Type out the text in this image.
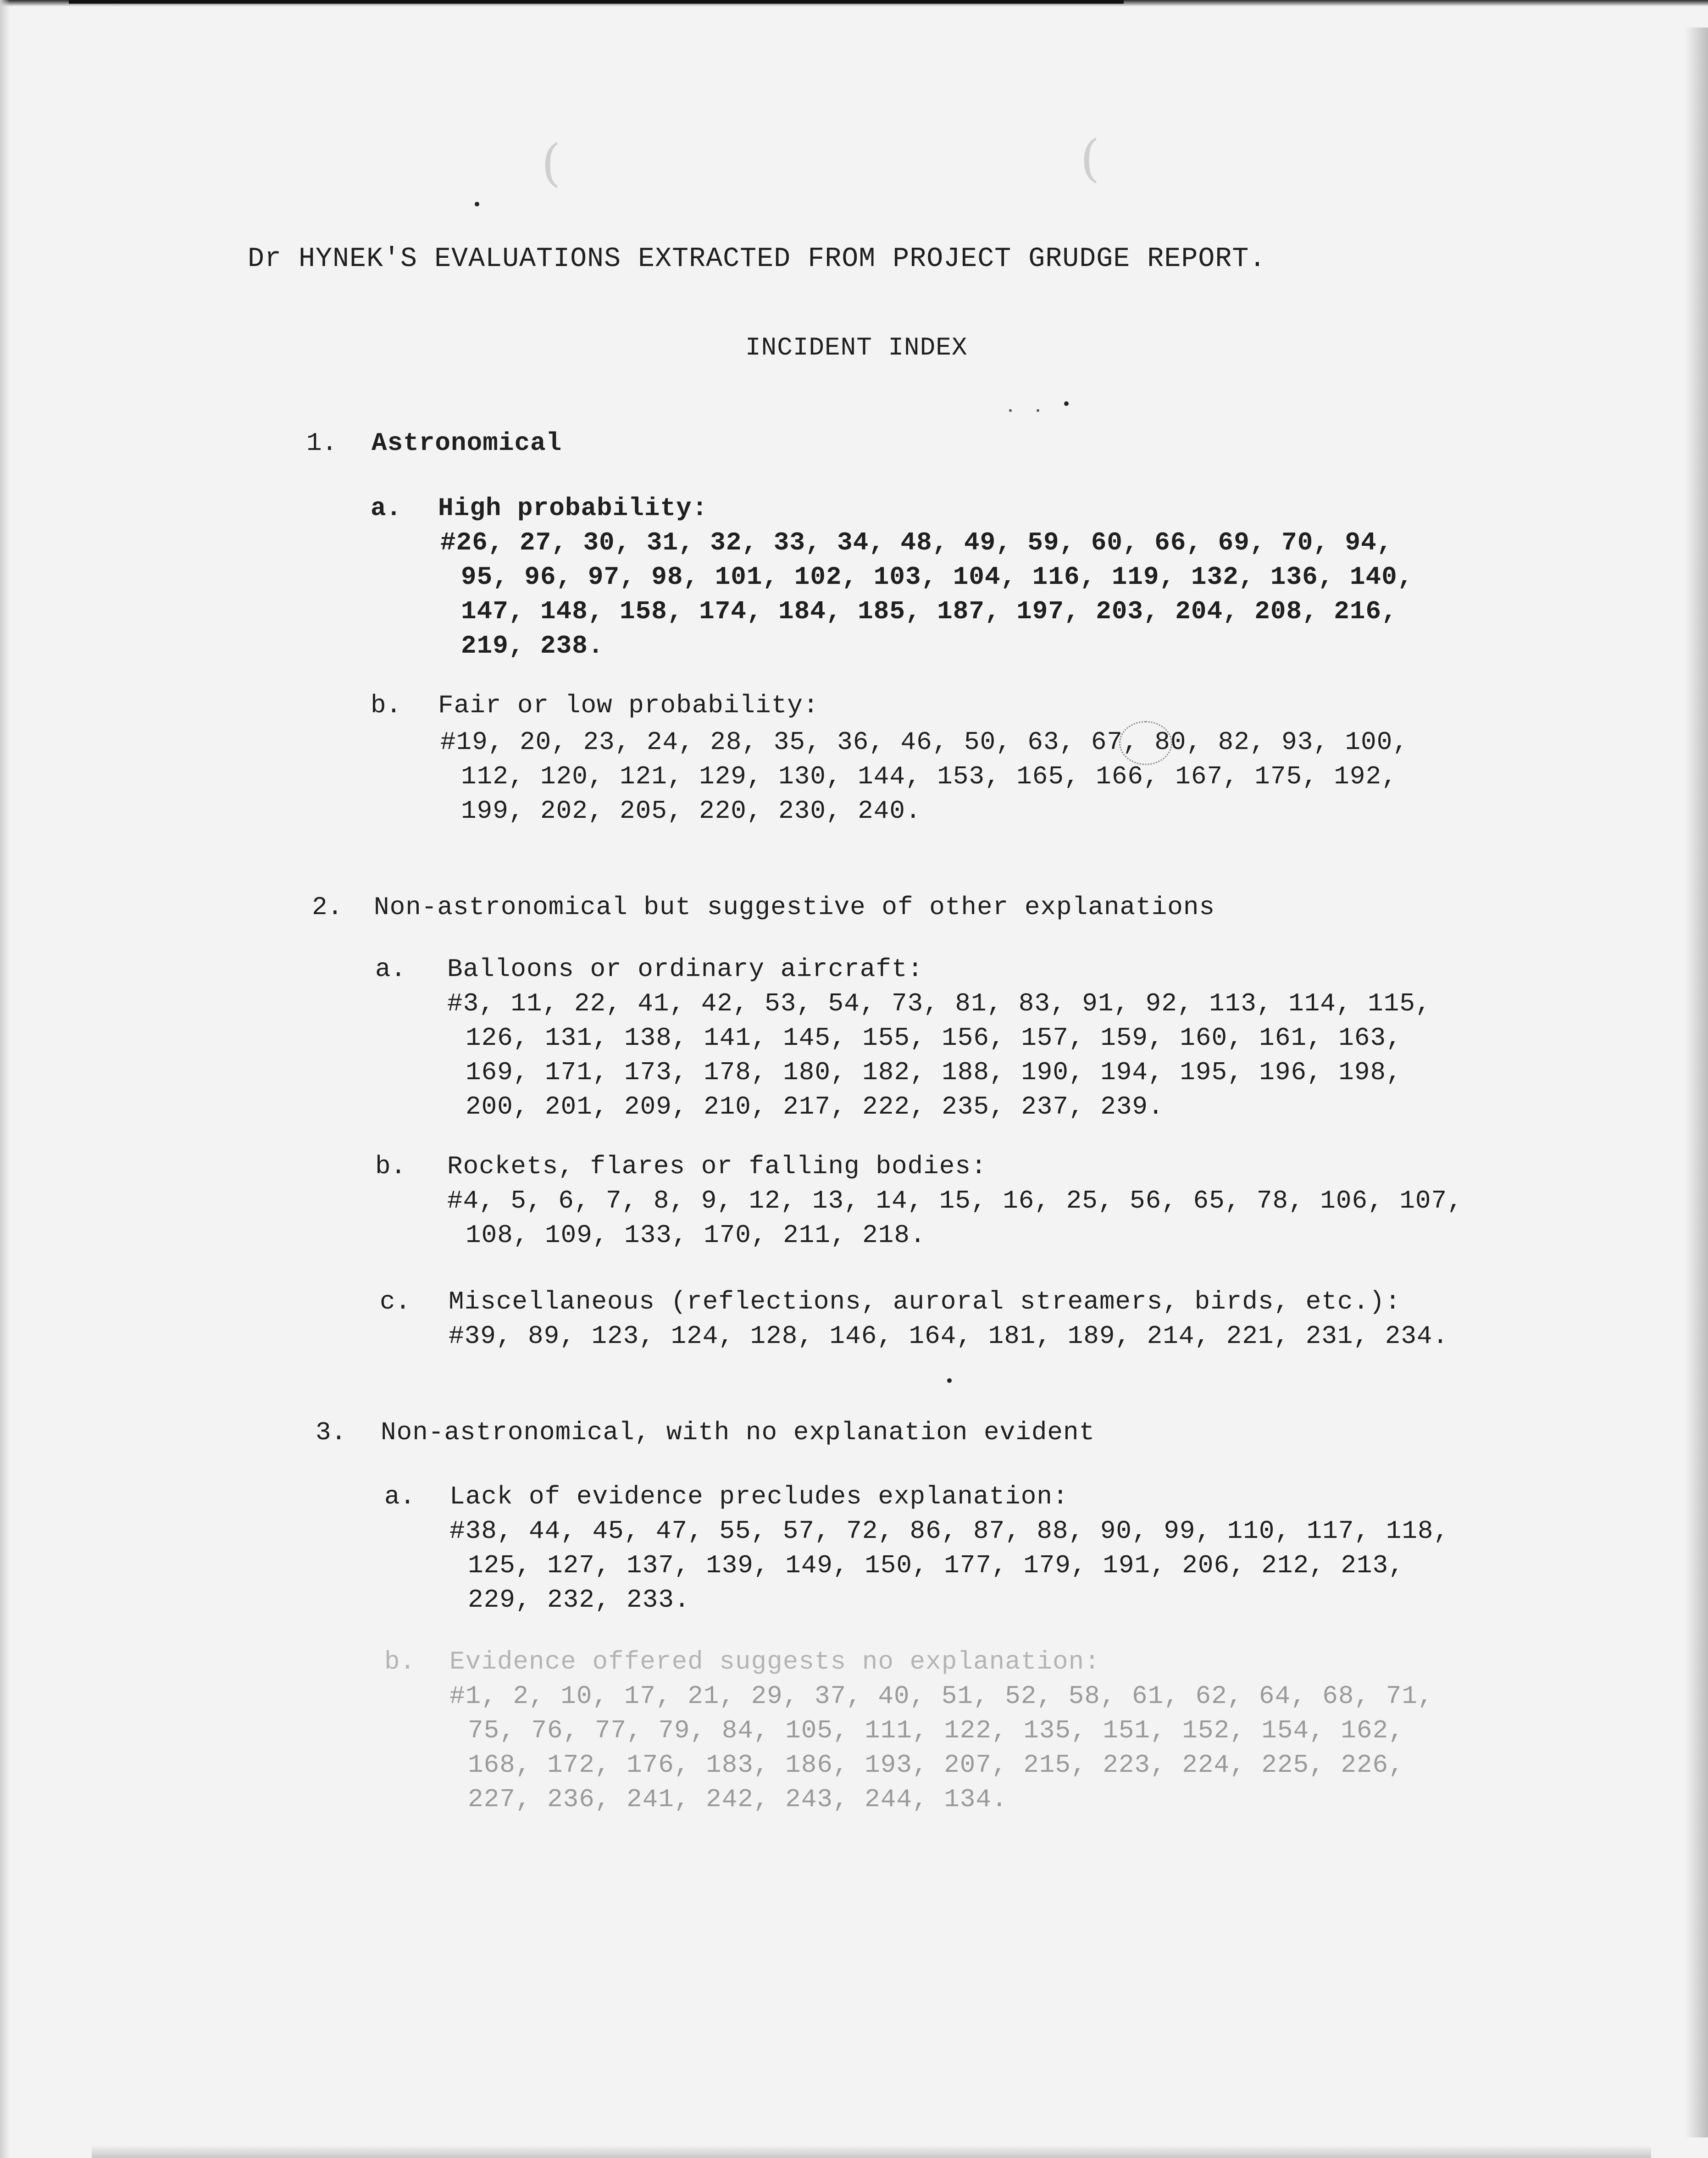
(	(
Dr HYNEK'S EVALUATIONS EXTRACTED FROM PROJECT GRUDGE REPORT.
INCIDENT INDEX
1. Astronomical
a. High probability:
#26, 27, 30, 31, 32, 33, 34, 48, 49, 59, 60, 66, 69, 70, 94,
95, 96, 97, 98, 101, 102, 103, 104, 116, 119, 132, 136, 140,
147, 148, 158, 174, 184, 185, 187, 197, 203, 204, 208, 216,
219, 238.
b. Fair or low probability:
#19, 20, 23, 24, 28, 35, 36, 46, 50, 63, 67, 80, 82, 93, 100,
112, 120, 121, 129, 130, 144, 153, 165, 166, 167, 175, 192,
199, 202, 205, 220, 230, 240.
2. Non-astronomical but suggestive of other explanations
a. Balloons or ordinary aircraft:
#3, 11, 22, 41, 42, 53, 54, 73, 81, 83, 91, 92, 113, 114, 115,
126, 131, 138, 141, 145, 155, 156, 157, 159, 160, 161, 163,
169, 171, 173, 178, 180, 182, 188, 190, 194, 195, 196, 198,
200, 201, 209, 210, 217, 222, 235, 237, 239.
b. Rockets, flares or falling bodies:
#4, 5, 6, 7, 8, 9, 12, 13, 14, 15, 16, 25, 56, 65, 78, 106, 107,
108, 109, 133, 170, 211, 218.
c. Miscellaneous (reflections, auroral streamers, birds, etc.):
#39, 89, 123, 124, 128, 146, 164, 181, 189, 214, 221, 231, 234.
3. Non-astronomical, with no explanation evident
a. Lack of evidence precludes explanation:
#38, 44, 45, 47, 55, 57, 72, 86, 87, 88, 90, 99, 110, 117, 118,
125, 127, 137, 139, 149, 150, 177, 179, 191, 206, 212, 213,
229, 232, 233.
b. Evidence offered suggests no explanation:
#1, 2, 10, 17, 21, 29, 37, 40, 51, 52, 58, 61, 62, 64, 68, 71,
75, 76, 77, 79, 84, 105, 111, 122, 135, 151, 152, 154, 162,
168, 172, 176, 183, 186, 193, 207, 215, 223, 224, 225, 226,
227, 236, 241, 242, 243, 244, 134.
